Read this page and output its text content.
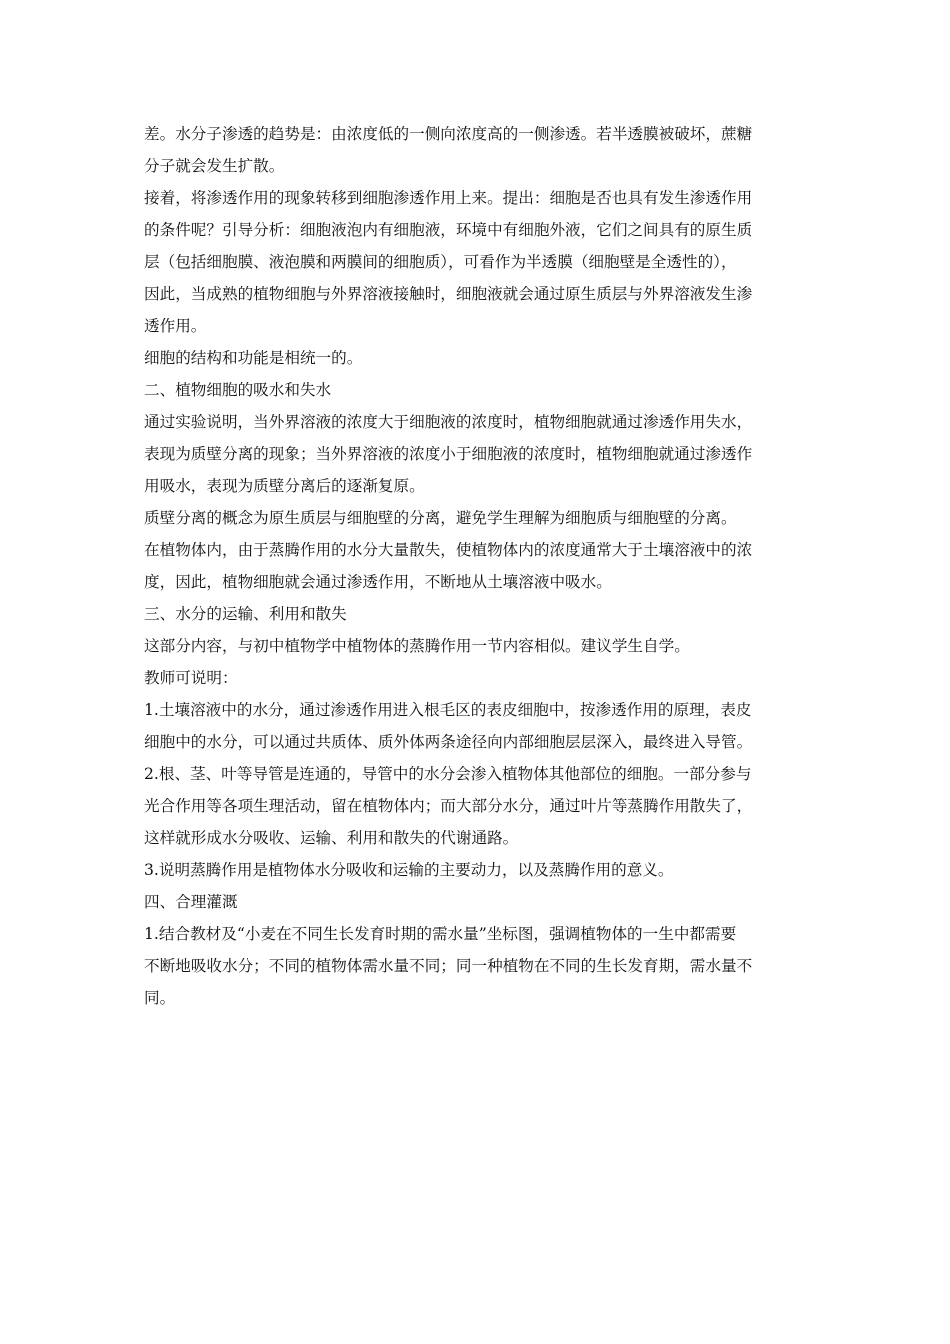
差。水分子渗透的趋势是：由浓度低的一侧向浓度高的一侧渗透。若半透膜被破坏，蔗糖
分子就会发生扩散。
接着，将渗透作用的现象转移到细胞渗透作用上来。提出：细胞是否也具有发生渗透作用
的条件呢？引导分析：细胞液泡内有细胞液，环境中有细胞外液，它们之间具有的原生质
层（包括细胞膜、液泡膜和两膜间的细胞质），可看作为半透膜（细胞壁是全透性的），
因此，当成熟的植物细胞与外界溶液接触时，细胞液就会通过原生质层与外界溶液发生渗
透作用。
细胞的结构和功能是相统一的。
二、植物细胞的吸水和失水
通过实验说明，当外界溶液的浓度大于细胞液的浓度时，植物细胞就通过渗透作用失水，
表现为质壁分离的现象；当外界溶液的浓度小于细胞液的浓度时，植物细胞就通过渗透作
用吸水，表现为质壁分离后的逐渐复原。
质壁分离的概念为原生质层与细胞壁的分离，避免学生理解为细胞质与细胞壁的分离。
在植物体内，由于蒸腾作用的水分大量散失，使植物体内的浓度通常大于土壤溶液中的浓
度，因此，植物细胞就会通过渗透作用，不断地从土壤溶液中吸水。
三、水分的运输、利用和散失
这部分内容，与初中植物学中植物体的蒸腾作用一节内容相似。建议学生自学。
教师可说明：
1.土壤溶液中的水分，通过渗透作用进入根毛区的表皮细胞中，按渗透作用的原理，表皮
细胞中的水分，可以通过共质体、质外体两条途径向内部细胞层层深入，最终进入导管。
2.根、茎、叶等导管是连通的，导管中的水分会渗入植物体其他部位的细胞。一部分参与
光合作用等各项生理活动，留在植物体内；而大部分水分，通过叶片等蒸腾作用散失了，
这样就形成水分吸收、运输、利用和散失的代谢通路。
3.说明蒸腾作用是植物体水分吸收和运输的主要动力，以及蒸腾作用的意义。
四、合理灌溉
1.结合教材及“小麦在不同生长发育时期的需水量”坐标图，强调植物体的一生中都需要
不断地吸收水分；不同的植物体需水量不同；同一种植物在不同的生长发育期，需水量不
同。
